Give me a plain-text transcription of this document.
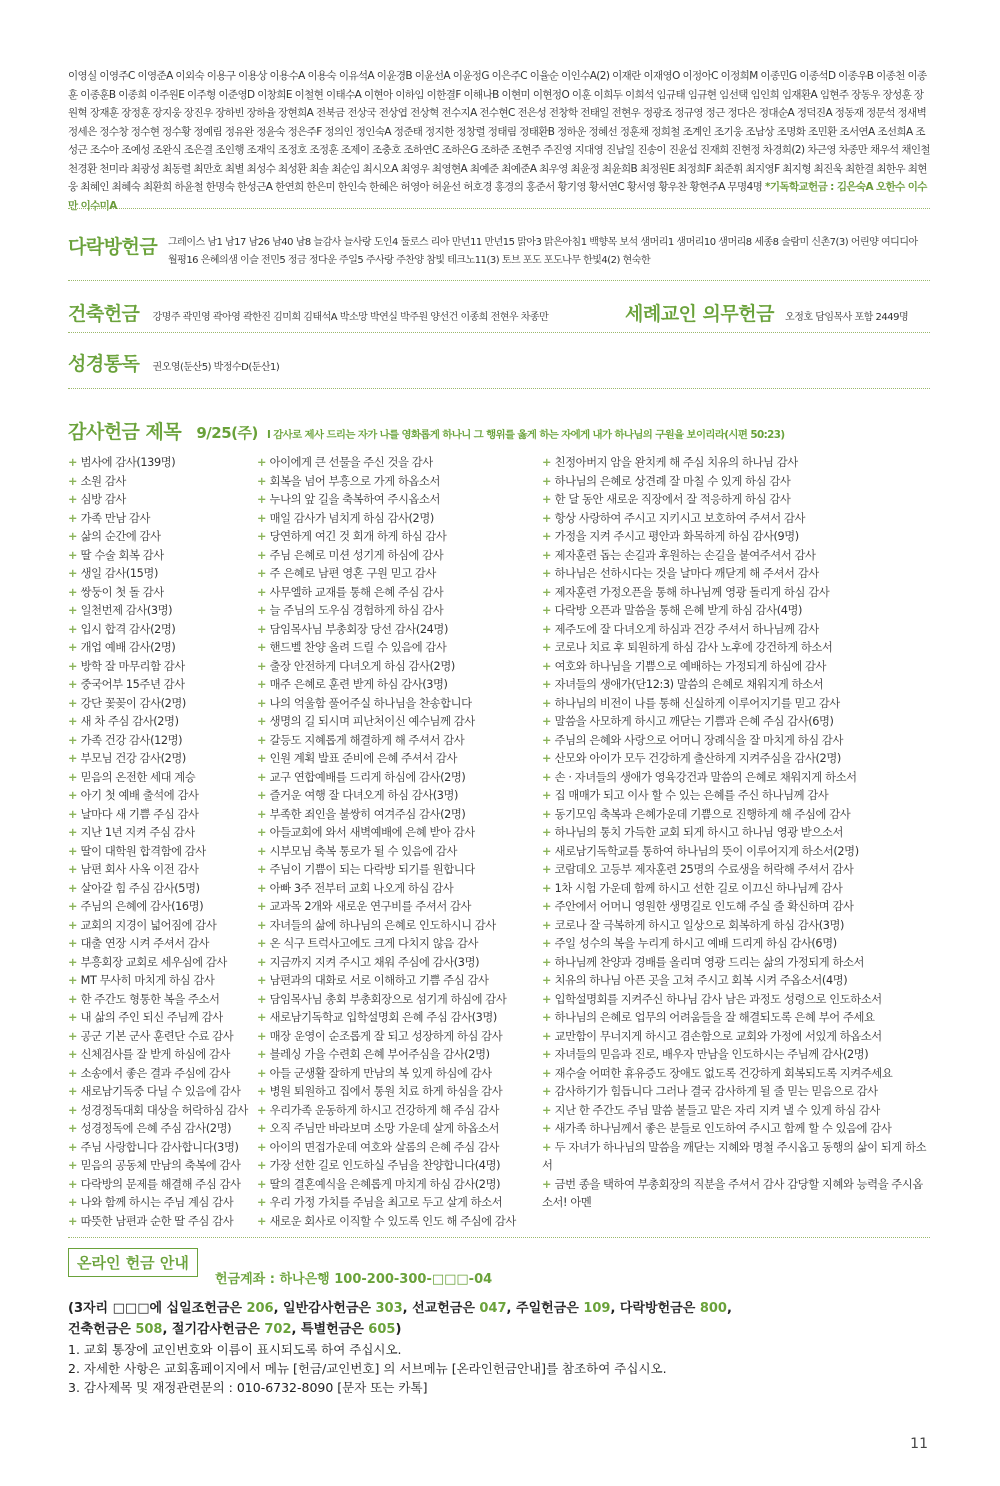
이영실 이영주C 이영준A 이외숙 이용구 이용상 이용수A 이용숙 이유석A 이윤경B 이윤선A 이윤정G 이은주C 이율순 이인수A(2) 이재란 이재영O 이정아C 이정희M 이종민G 이종석D 이종우B 이종천 이종훈 이종훈B 이종희 이주원E 이주형 이준영D 이창희E 이철현 이태수A 이현아 이하임 이한결F 이해나B 이현미 이현정O 이훈 이희두 이희석 임규태 임규현 임선택 임인희 임재환A 임현주 장동우 장성훈 장원혁 장재훈 장정훈 장지웅 장진우 장하빈 장하율 장현희A 전북금 전상국 전상엽 전상혁 전수지A 전수현C 전은성 전창학 전태일 전현우 정광조 정규영 정근 정다은 정대순A 정덕진A 정동재 정문석 정새벽 정세은 정수창 정수현 정수황 정예림 정유완 정윤숙 정은주F 정의인 정인숙A 정준태 정지한 정창렬 정태림 정태환B 정하운 정혜선 정훈채 정희철 조계인 조기웅 조남상 조명화 조민환 조서연A 조선희A 조성근 조수아 조예성 조완식 조은결 조인행 조재익 조정호 조정훈 조제이 조충호 조하연C 조하은G 조하준 조현주 주진영 지대영 진남일 진송이 진윤섭 진재희 진현정 차경희(2) 차근영 차종만 채우석 채인철 천경환 천미라 최광성 최동렬 최만호 최별 최성수 최성환 최솔 최순임 최시오A 최영우 최영현A 최예준 최예준A 최우영 최윤정 최윤희B 최정원E 최정희F 최준휘 최지영F 최지형 최진욱 최한결 최한우 최현웅 최혜인 최혜숙 최환희 하윤철 한명숙 한성근A 한연희 한은미 한인숙 한혜은 허영아 허윤선 허호경 홍경의 홍준서 황기영 황서연C 황서영 황우찬 황현주A 무명4명 *기독학교헌금 : 김은숙A 오한수 이수만 이수미A
다락방헌금 그레이스 남1 남17 남26 남40 남8 늘감사 늘사랑 도인4 둘로스 리아 만년11 만년15 맑아3 맑은아침1 백향목 보석 샘머리1 샘머리10 샘머리8 세종8 술람미 신촌7(3) 어린양 여디디아 월평16 은혜의샘 이슬 전민5 정금 정다운 주일5 주사랑 주찬양 참빛 테크노11(3) 토브 포도 포도나무 한빛4(2) 현숙한
건축헌금 강명주 곽민영 곽아영 곽한진 김미희 김태석A 박소망 박연실 박주원 양선건 이종희 전현우 차종만	세례교인 의무헌금 오정호 담임목사 포함 2449명
성경통독 권오영(둔산5) 박정수D(둔산1)
감사헌금 제목 9/25(주) I 감사로 제사 드리는 자가 나를 영화롭게 하나니 그 행위를 옳게 하는 자에게 내가 하나님의 구원을 보이리라(시편 50:23)
+ 범사에 감사(139명)
+ 소원 감사
+ 심방 감사
+ 가족 만남 감사
+ 삶의 순간에 감사
+ 딸 수술 회복 감사
+ 생일 감사(15명)
+ 쌍둥이 첫 돌 감사
+ 일천번제 감사(3명)
+ 입시 합격 감사(2명)
+ 개업 예배 감사(2명)
+ 방학 잘 마무리함 감사
+ 중국어부 15주년 감사
+ 강단 꽃꽂이 감사(2명)
+ 새 차 주심 감사(2명)
+ 가족 건강 감사(12명)
+ 부모님 건강 감사(2명)
+ 믿음의 온전한 세대 계승
+ 아기 첫 예배 출석에 감사
+ 날마다 새 기쁨 주심 감사
+ 지난 1년 지켜 주심 감사
+ 딸이 대학원 합격함에 감사
+ 남편 회사 사옥 이전 감사
+ 살아갈 힘 주심 감사(5명)
+ 주님의 은혜에 감사(16명)
+ 교회의 지경이 넓어짐에 감사
+ 대출 연장 시켜 주셔서 감사
+ 부흥회장 교회로 세우심에 감사
+ MT 무사히 마치게 하심 감사
+ 한 주간도 형통한 복을 주소서
+ 내 삶의 주인 되신 주님께 감사
+ 공군 기본 군사 훈련단 수료 감사
+ 신체검사를 잘 받게 하심에 감사
+ 소송에서 좋은 결과 주심에 감사
+ 새로남기독중 다닐 수 있음에 감사
+ 성경정독대회 대상을 허락하심 감사
+ 성경정독에 은혜 주심 감사(2명)
+ 주님 사랑합니다 감사합니다(3명)
+ 믿음의 공동체 만남의 축복에 감사
+ 다락방의 문제를 해결해 주심 감사
+ 나와 함께 하시는 주님 계심 감사
+ 따뜻한 남편과 순한 딸 주심 감사
+ 아이에게 큰 선물을 주신 것을 감사
+ 회복을 넘어 부흥으로 가게 하옵소서
+ 누나의 앞 길을 축복하여 주시옵소서
+ 매일 감사가 넘치게 하심 감사(2명)
+ 당연하게 여긴 것 회개 하게 하심 감사
+ 주님 은혜로 미션 성기게 하심에 감사
+ 주 은혜로 남편 영혼 구원 믿고 감사
+ 사무엘하 교재를 통해 은혜 주심 감사
+ 늘 주님의 도우심 경험하게 하심 감사
+ 담임목사님 부총회장 당선 감사(24명)
+ 핸드벨 찬양 올려 드릴 수 있음에 감사
+ 출장 안전하게 다녀오게 하심 감사(2명)
+ 매주 은혜로 훈련 받게 하심 감사(3명)
+ 나의 억울함 풀어주실 하나님을 찬송합니다
+ 생명의 길 되시며 피난처이신 예수님께 감사
+ 갈등도 지혜롭게 해결하게 해 주셔서 감사
+ 인원 계획 발표 준비에 은혜 주셔서 감사
+ 교구 연합예배를 드리게 하심에 감사(2명)
+ 즐거운 여행 잘 다녀오게 하심 감사(3명)
+ 부족한 죄인을 불쌍히 여겨주심 감사(2명)
+ 아들교회에 와서 새벽예배에 은혜 받아 감사
+ 시부모님 축복 통로가 될 수 있음에 감사
+ 주님이 기쁨이 되는 다락방 되기를 원합니다
+ 아빠 3주 전부터 교회 나오게 하심 감사
+ 교과목 2개와 새로운 연구비를 주셔서 감사
+ 자녀들의 삶에 하나님의 은혜로 인도하시니 감사
+ 온 식구 트럭사고에도 크게 다치지 않음 감사
+ 지금까지 지켜 주시고 채워 주심에 감사(3명)
+ 남편과의 대화로 서로 이해하고 기쁨 주심 감사
+ 담임목사님 총회 부총회장으로 섬기게 하심에 감사
+ 새로남기독학교 입학설명회 은혜 주심 감사(3명)
+ 매장 운영이 순조롭게 잘 되고 성장하게 하심 감사
+ 블레싱 가을 수련회 은혜 부어주심을 감사(2명)
+ 아들 군생활 잘하게 만남의 복 있게 하심에 감사
+ 병원 퇴원하고 집에서 통원 치료 하게 하심을 감사
+ 우리가족 운동하게 하시고 건강하게 해 주심 감사
+ 오직 주님만 바라보며 소망 가운데 살게 하옵소서
+ 아이의 면접가운데 여호와 살롬의 은혜 주심 감사
+ 가장 선한 길로 인도하실 주님을 찬양합니다(4명)
+ 딸의 결혼예식을 은혜롭게 마치게 하심 감사(2명)
+ 우리 가정 가치를 주님을 최고로 두고 살게 하소서
+ 새로운 회사로 이직할 수 있도록 인도 해 주심에 감사
+ 친정아버지 암을 완치케 해 주심 치유의 하나님 감사
+ 하나님의 은혜로 상견례 잘 마칠 수 있게 하심 감사
+ 한 달 동안 새로운 직장에서 잘 적응하게 하심 감사
+ 항상 사랑하여 주시고 지키시고 보호하여 주셔서 감사
+ 가정을 지켜 주시고 평안과 화목하게 하심 감사(9명)
+ 제자훈련 돕는 손길과 후원하는 손길을 붙여주셔서 감사
+ 하나님은 선하시다는 것을 날마다 깨닫게 해 주셔서 감사
+ 제자훈련 가정오픈을 통해 하나님께 영광 돌리게 하심 감사
+ 다락방 오픈과 말씀을 통해 은혜 받게 하심 감사(4명)
+ 제주도에 잘 다녀오게 하심과 건강 주셔서 하나님께 감사
+ 코로나 치료 후 퇴원하게 하심 감사 노후에 강건하게 하소서
+ 여호와 하나님을 기쁨으로 예배하는 가정되게 하심에 감사
+ 자녀들의 생애가(단12:3) 말씀의 은혜로 채워지게 하소서
+ 하나님의 비전이 나를 통해 신실하게 이루어지기를 믿고 감사
+ 말씀을 사모하게 하시고 깨닫는 기쁨과 은혜 주심 감사(6명)
+ 주님의 은혜와 사랑으로 어머니 장례식을 잘 마치게 하심 감사
+ 산모와 아이가 모두 건강하게 출산하게 지켜주심을 감사(2명)
+ 손 · 자녀들의 생애가 영육강건과 말씀의 은혜로 채워지게 하소서
+ 집 매매가 되고 이사 할 수 있는 은혜를 주신 하나님께 감사
+ 동기모임 축복과 은혜가운데 기쁨으로 진행하게 해 주심에 감사
+ 하나님의 통치 가득한 교회 되게 하시고 하나님 영광 받으소서
+ 새로남기독학교를 통하여 하나님의 뜻이 이루어지게 하소서(2명)
+ 코람데오 고등부 제자훈련 25명의 수료생을 허락해 주셔서 감사
+ 1차 시험 가운데 함께 하시고 선한 길로 이끄신 하나님께 감사
+ 주안에서 어머니 영원한 생명길로 인도해 주실 줄 확신하며 감사
+ 코로나 잘 극복하게 하시고 일상으로 회복하게 하심 감사(3명)
+ 주일 성수의 복을 누리게 하시고 예배 드리게 하심 감사(6명)
+ 하나님께 찬양과 경배를 올리며 영광 드리는 삶의 가정되게 하소서
+ 치유의 하나님 아픈 곳을 고쳐 주시고 회복 시켜 주옵소서(4명)
+ 입학설명회를 지켜주신 하나님 감사 남은 과정도 성령으로 인도하소서
+ 하나님의 은혜로 업무의 어려움들을 잘 해결되도록 은혜 부어 주세요
+ 교만함이 무너지게 하시고 겸손함으로 교회와 가정에 서있게 하옵소서
+ 자녀들의 믿음과 진로, 배우자 만남을 인도하시는 주님께 감사(2명)
+ 재수술 어떠한 휴유증도 장애도 없도록 건강하게 회복되도록 지켜주세요
+ 감사하기가 힘듭니다 그러나 결국 감사하게 될 줄 믿는 믿음으로 감사
+ 지난 한 주간도 주님 말씀 붙들고 맡은 자리 지켜 낼 수 있게 하심 감사
+ 새가족 하나님께서 좋은 분들로 인도하여 주시고 함께 할 수 있음에 감사
+ 두 자녀가 하나님의 말씀을 깨닫는 지혜와 명철 주시옵고 동행의 삶이 되게 하소서
+ 금번 종을 택하여 부총회장의 직분을 주셔서 감사 감당할 지혜와 능력을 주시옵소서! 아멘
온라인 헌금 안내
헌금계좌 : 하나은행 100-200-300-□□□-04
(3자리 □□□에 십일조헌금은 206, 일반감사헌금은 303, 선교헌금은 047, 주일헌금은 109, 다락방헌금은 800,
건축헌금은 508, 절기감사헌금은 702, 특별헌금은 605)
1. 교회 통장에 교인번호와 이름이 표시되도록 하여 주십시오.
2. 자세한 사항은 교회홈페이지에서 메뉴 [헌금/교인번호] 의 서브메뉴 [온라인헌금안내]를 참조하여 주십시오.
3. 감사제목 및 재정관련문의 : 010-6732-8090 [문자 또는 카톡]
11
